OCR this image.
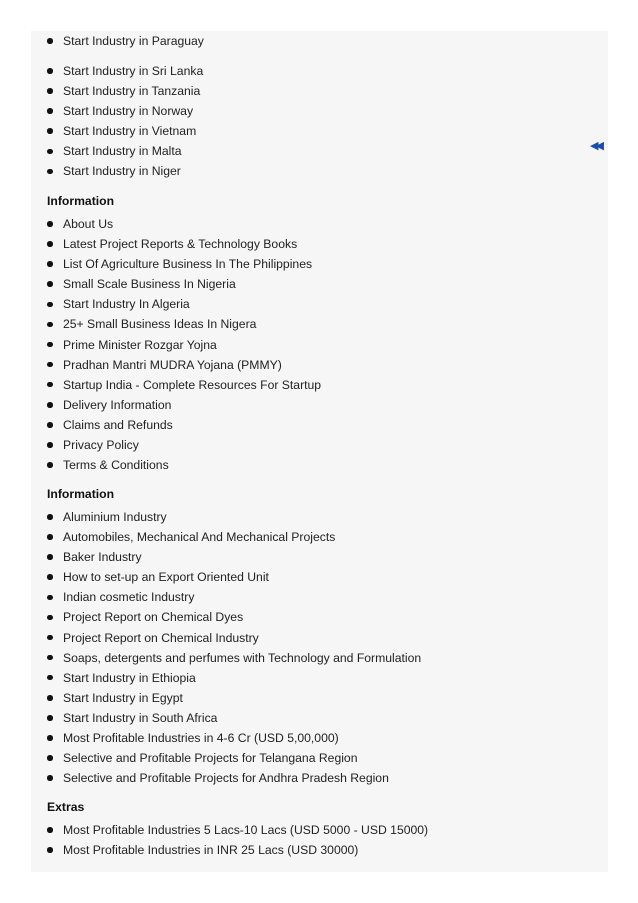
Start Industry in Paraguay
Start Industry in Sri Lanka
Start Industry in Tanzania
Start Industry in Norway
Start Industry in Vietnam
Start Industry in Malta
Start Industry in Niger
◀◀
Information
About Us
Latest Project Reports & Technology Books
List Of Agriculture Business In The Philippines
Small Scale Business In Nigeria
Start Industry In Algeria
25+ Small Business Ideas In Nigera
Prime Minister Rozgar Yojna
Pradhan Mantri MUDRA Yojana (PMMY)
Startup India - Complete Resources For Startup
Delivery Information
Claims and Refunds
Privacy Policy
Terms & Conditions
Information
Aluminium Industry
Automobiles, Mechanical And Mechanical Projects
Baker Industry
How to set-up an Export Oriented Unit
Indian cosmetic Industry
Project Report on Chemical Dyes
Project Report on Chemical Industry
Soaps, detergents and perfumes with Technology and Formulation
Start Industry in Ethiopia
Start Industry in Egypt
Start Industry in South Africa
Most Profitable Industries in 4-6 Cr (USD 5,00,000)
Selective and Profitable Projects for Telangana Region
Selective and Profitable Projects for Andhra Pradesh Region
Extras
Most Profitable Industries 5 Lacs-10 Lacs (USD 5000 - USD 15000)
Most Profitable Industries in INR 25 Lacs (USD 30000)
